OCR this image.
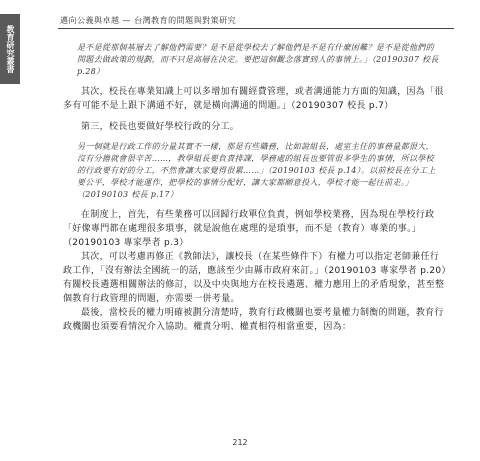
教育研究叢書
邁向公義與卓越 — 台灣教育的問題與對策研究

是不是從那個基層去了解他們需要？是不是從學校去了解他們是不是有什麼困難？是不是從他們的問題去做政策的規劃，而不只是高層在決定。要把這個觀念落實到人的事情上。」（20190307 校長 p.28）

其次，校長在專業知識上可以多增加有關經費管理，或者溝通能力方面的知識，因為「很多有可能不是上跟下溝通不好，就是橫向溝通的問題。」（20190307 校長 p.7）

第三，校長也要做好學校行政的分工。

另一個就是行政工作的分量其實不一樣，那是有些職務，比如說組長，處室主任的事務量都很大，沒有分擔就會很辛苦……，教學組長要負責排課，學務處的組長也要管很多學生的事情，所以學校的行政要有好的分工，不然會讓大家覺得很累……」（20190103 校長 p.14）。以前校長在分工上要公平，學校才能運作，把學校的事情分配好，讓大家都願意投入，學校才能一起往前走。」（20190103 校長 p.17）

在制度上，首先，有些業務可以回歸行政單位負責，例如學校業務，因為現在學校行政「好像專門都在處理很多瑣事，就是說他在處理的是瑣事，而不是（教育）專業的事。」（20190103 專家學者 p.3）

其次，可以考慮再修正《教師法》，讓校長（在某些條件下）有權力可以指定老師兼任行政工作，「沒有辦法全國統一的話，應該至少由縣市政府來訂。」（20190103 專家學者 p.20）有關校長遴選相關辦法的修訂，以及中央與地方在校長遴選、權力應用上的矛盾現象，甚至整個教育行政管理的問題，亦需要一併考量。

最後，當校長的權力明確被劃分清楚時，教育行政機關也要考量權力制衡的問題，教育行政機關也須要看情況介入協助。權責分明、權責相符相當重要，因為：

212
